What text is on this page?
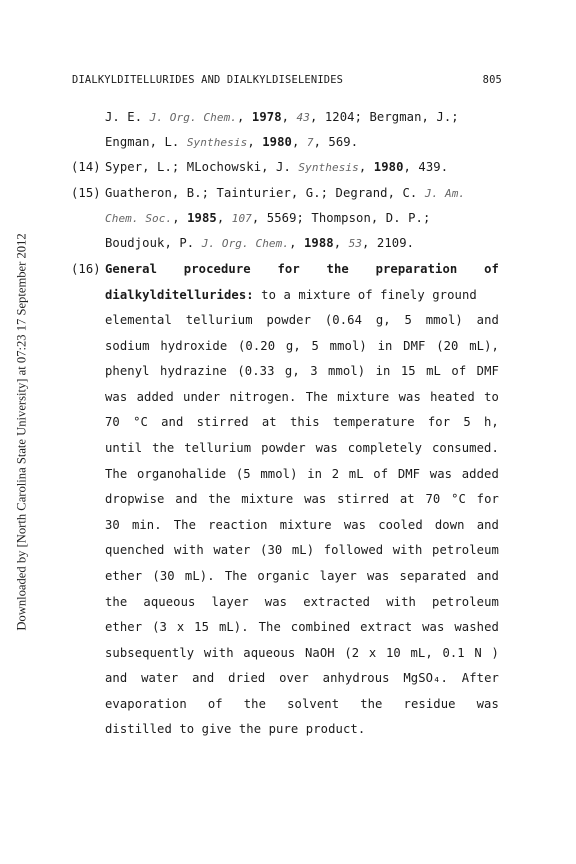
Downloaded by [North Carolina State University] at 07:23 17 September 2012
DIALKYLDITELLURIDES AND DIALKYLDISELENIDES	805
J. E. J. Org. Chem., 1978, 43, 1204; Bergman, J.;
Engman, L. Synthesis, 1980, 7, 569.
(14) Syper, L.; MLochowski, J. Synthesis, 1980, 439.
(15) Guatheron, B.; Tainturier, G.; Degrand, C. J. Am.
Chem. Soc., 1985, 107, 5569; Thompson, D. P.;
Boudjouk, P. J. Org. Chem., 1988, 53, 2109.
(16) General procedure for the preparation of
dialkylditellurides: to a mixture of finely ground
elemental tellurium powder (0.64 g, 5 mmol) and
sodium hydroxide (0.20 g, 5 mmol) in DMF (20 mL),
phenyl hydrazine (0.33 g, 3 mmol) in 15 mL of DMF
was added under nitrogen. The mixture was heated to
70 °C and stirred at this temperature for 5 h,
until the tellurium powder was completely consumed.
The organohalide (5 mmol) in 2 mL of DMF was added
dropwise and the mixture was stirred at 70 °C for
30 min. The reaction mixture was cooled down and
quenched with water (30 mL) followed with petroleum
ether (30 mL). The organic layer was separated and
the aqueous layer was extracted with petroleum
ether (3 x 15 mL). The combined extract was washed
subsequently with aqueous NaOH (2 x 10 mL, 0.1 N )
and water and dried over anhydrous MgSO₄. After
evaporation of the solvent the residue was
distilled to give the pure product.
